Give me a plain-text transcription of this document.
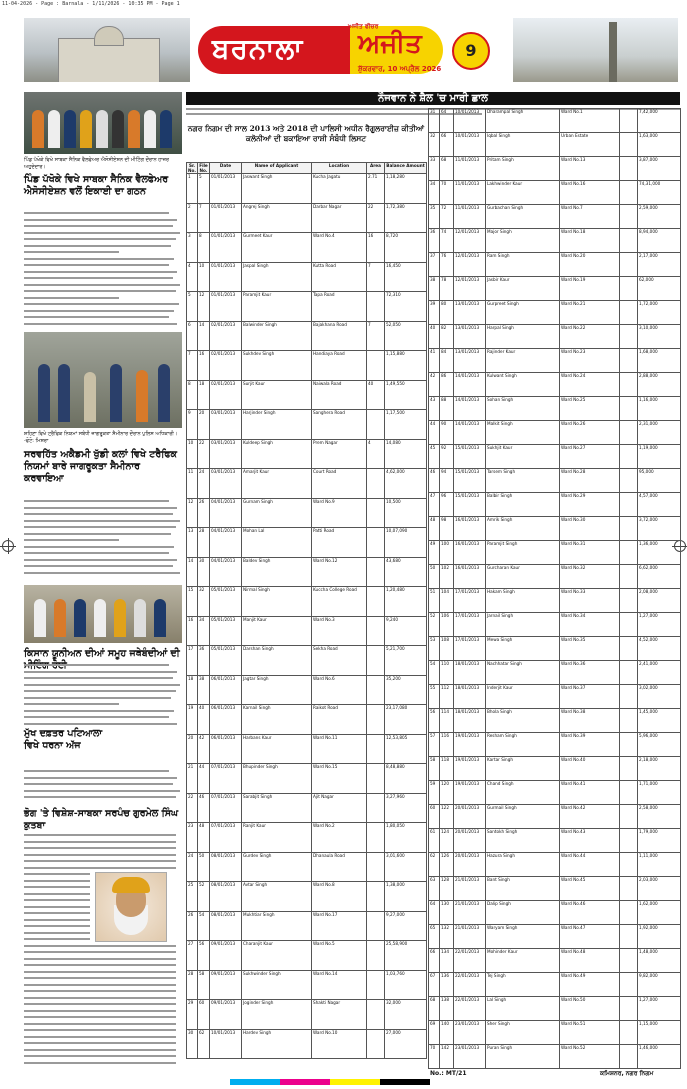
11-04-2026 - Page : Barnala - 1/11/2026 - 10:35 PM - Page 1
ਬਰਨਾਲਾ
ਅਜੀਤ ਫੀਚਰ
ਅਜੀਤ
ਸ਼ੁੱਕਰਵਾਰ, 10 ਅਪ੍ਰੈਲ 2026
9
ਪਿੰਡ ਪੱਖੋਕੇ ਵਿਖੇ ਸਾਬਕਾ ਸੈਨਿਕ ਵੈਲਫੇਅਰ ਐਸੋਸੀਏਸ਼ਨ ਦੀ ਮੀਟਿੰਗ ਦੌਰਾਨ ਹਾਜ਼ਰ ਅਹੁਦੇਦਾਰ।
ਪਿੰਡ ਪੱਖੋਕੇ ਵਿਖੇ ਸਾਬਕਾ ਸੈਨਿਕ ਵੈਲਫੇਅਰ ਐਸੋਸੀਏਸ਼ਨ ਵਲੋਂ ਇਕਾਈ ਦਾ ਗਠਨ
ਸ਼ਹਿਣਾ ਵਿਖੇ ਟ੍ਰੈਫਿਕ ਨਿਯਮਾਂ ਸਬੰਧੀ ਜਾਗਰੂਕਤਾ ਸੈਮੀਨਾਰ ਦੌਰਾਨ ਪੁਲਿਸ ਅਧਿਕਾਰੀ। -ਫੋਟੋ: ਮਿਸ਼ਰਾ
ਸਰਵਹਿੱਤ ਅਕੈਡਮੀ ਖੁੱਡੀ ਕਲਾਂ ਵਿਖੇ ਟਰੈਫਿਕ ਨਿਯਮਾਂ ਬਾਰੇ ਜਾਗਰੂਕਤਾ ਸੈਮੀਨਾਰ ਕਰਵਾਇਆ
ਕਿਸਾਨ ਯੂਨੀਅਨ ਦੀਆਂ ਸਮੂਹ ਜਥੇਬੰਦੀਆਂ ਦੀ
ਮੁੱਖ ਦਫ਼ਤਰ ਪਟਿਆਲਾ ਵਿਖੇ ਧਰਨਾ ਅੱਜ
ਭੋਗ 'ਤੇ ਵਿਸ਼ੇਸ਼-ਸਾਬਕਾ ਸਰਪੰਚ ਗੁਰਮੇਲ ਸਿੰਘ ਕੁਤਬਾ
ਨੌਜਵਾਨ ਨੇ ਸ਼ੈਲ 'ਚ ਮਾਰੀ ਛਾਲ
ਨਗਰ ਨਿਗਮ ਦੀ ਸਾਲ 2013 ਅਤੇ 2018 ਦੀ ਪਾਲਿਸੀ ਅਧੀਨ ਰੈਗੂਲਰਾਈਜ਼ ਕੀਤੀਆਂ ਕਲੋਨੀਆਂ ਦੀ ਬਕਾਇਆ ਰਾਸ਼ੀ ਸੰਬੰਧੀ ਲਿਸਟ
Sr. No.	File No.	Date	Name of Applicant	Location	Area	Balance Amount
1	5	01/01/2013	Jaswant Singh	Kucha Jagatu	2.71	1,18,280
2	7	01/01/2013	Angrej Singh	Darbar Nagar	22	1,72,380
3	8	01/01/2013	Gurmeet Kaur	Ward No.4	16	8,720
4	10	01/01/2013	Jaspal Singh	Kutta Road	7	16,450
5	12	01/01/2013	Paramjit Kaur	Tapa Road		72,310
6	14	02/01/2013	Balwinder Singh	Bajakhana Road	7	52,050
7	16	02/01/2013	Sukhdev Singh	Handiaya Road		1,15,880
8	18	02/01/2013	Surjit Kaur	Naiwala Road	40	1,49,550
9	20	03/01/2013	Harjinder Singh	Sanghera Road		1,17,500
10	22	03/01/2013	Kuldeep Singh	Prem Nagar	4	14,080
11	24	03/01/2013	Amarjit Kaur	Court Road		4,62,000
12	26	04/01/2013	Gurnam Singh	Ward No.9		10,500
13	28	04/01/2013	Mohan Lal	Patti Road		10,07,090
14	30	04/01/2013	Baldev Singh	Ward No.12		43,680
15	32	05/01/2013	Nirmal Singh	Kuccha College Road		1,20,480
16	34	05/01/2013	Manjit Kaur	Ward No.3		9,240
17	36	05/01/2013	Darshan Singh	Sekha Road		5,21,700
18	38	06/01/2013	Jagtar Singh	Ward No.6		35,200
19	40	06/01/2013	Karnail Singh	Raikot Road		23,17,080
20	42	06/01/2013	Harbans Kaur	Ward No.11		12,53,805
21	44	07/01/2013	Bhupinder Singh	Ward No.15		8,48,880
22	46	07/01/2013	Sarabjit Singh	Ajit Nagar		3,27,960
23	48	07/01/2013	Ranjit Kaur	Ward No.2		1,80,050
24	50	08/01/2013	Gurdev Singh	Dhanaula Road		3,01,600
25	52	08/01/2013	Avtar Singh	Ward No.8		1,38,000
26	54	08/01/2013	Mukhtiar Singh	Ward No.17		9,27,000
27	56	09/01/2013	Charanjit Kaur	Ward No.5		25,58,900
28	58	09/01/2013	Sukhwinder Singh	Ward No.14		1,03,760
29	60	09/01/2013	Joginder Singh	Shakti Nagar		32,000
30	62	10/01/2013	Hardev Singh	Ward No.10		27,000
31	64	10/01/2013	Dharampal Singh	Ward No.1		7,42,000
32	66	10/01/2013	Iqbal Singh	Urban Estate		1,63,000
33	68	11/01/2013	Pritam Singh	Ward No.13		3,87,000
34	70	11/01/2013	Lakhwinder Kaur	Ward No.16		74,31,000
35	72	11/01/2013	Gurbachan Singh	Ward No.7		2,59,000
36	74	12/01/2013	Major Singh	Ward No.18		8,94,000
37	76	12/01/2013	Ram Singh	Ward No.20		2,17,000
38	78	12/01/2013	Jasbir Kaur	Ward No.19		62,000
39	80	13/01/2013	Gurpreet Singh	Ward No.21		1,72,000
40	82	13/01/2013	Harpal Singh	Ward No.22		3,10,000
41	84	13/01/2013	Rajinder Kaur	Ward No.23		1,68,000
42	86	14/01/2013	Kulwant Singh	Ward No.24		2,88,000
43	88	14/01/2013	Sohan Singh	Ward No.25		1,16,000
44	90	14/01/2013	Malkit Singh	Ward No.26		2,31,000
45	92	15/01/2013	Sukhjit Kaur	Ward No.27		1,19,000
46	94	15/01/2013	Tarsem Singh	Ward No.28		95,000
47	96	15/01/2013	Balbir Singh	Ward No.29		4,57,000
48	98	16/01/2013	Amrik Singh	Ward No.30		3,72,000
49	100	16/01/2013	Paramjit Singh	Ward No.31		1,36,000
50	102	16/01/2013	Gurcharan Kaur	Ward No.32		6,62,000
51	104	17/01/2013	Hakam Singh	Ward No.33		2,08,000
52	106	17/01/2013	Jarnail Singh	Ward No.34		1,27,000
53	108	17/01/2013	Mewa Singh	Ward No.35		4,52,000
54	110	18/01/2013	Nachhatar Singh	Ward No.36		2,41,000
55	112	18/01/2013	Inderjit Kaur	Ward No.37		3,02,000
56	114	18/01/2013	Bhola Singh	Ward No.38		1,45,000
57	116	19/01/2013	Resham Singh	Ward No.39		5,96,000
58	118	19/01/2013	Kartar Singh	Ward No.40		2,18,000
59	120	19/01/2013	Chand Singh	Ward No.41		1,71,000
60	122	20/01/2013	Gurmail Singh	Ward No.42		2,58,000
61	124	20/01/2013	Santokh Singh	Ward No.43		1,79,000
62	126	20/01/2013	Hazura Singh	Ward No.44		1,11,000
63	128	21/01/2013	Bant Singh	Ward No.45		2,03,000
64	130	21/01/2013	Dalip Singh	Ward No.46		1,62,000
65	132	21/01/2013	Waryam Singh	Ward No.47		1,92,000
66	134	22/01/2013	Mohinder Kaur	Ward No.48		1,48,000
67	136	22/01/2013	Tej Singh	Ward No.49		9,82,000
68	138	22/01/2013	Lal Singh	Ward No.50		1,27,000
69	140	23/01/2013	Sher Singh	Ward No.51		1,15,000
70	142	23/01/2013	Puran Singh	Ward No.52		1,46,000
No.: MT/21	ਕਮਿਸ਼ਨਰ, ਨਗਰ ਨਿਗਮ
